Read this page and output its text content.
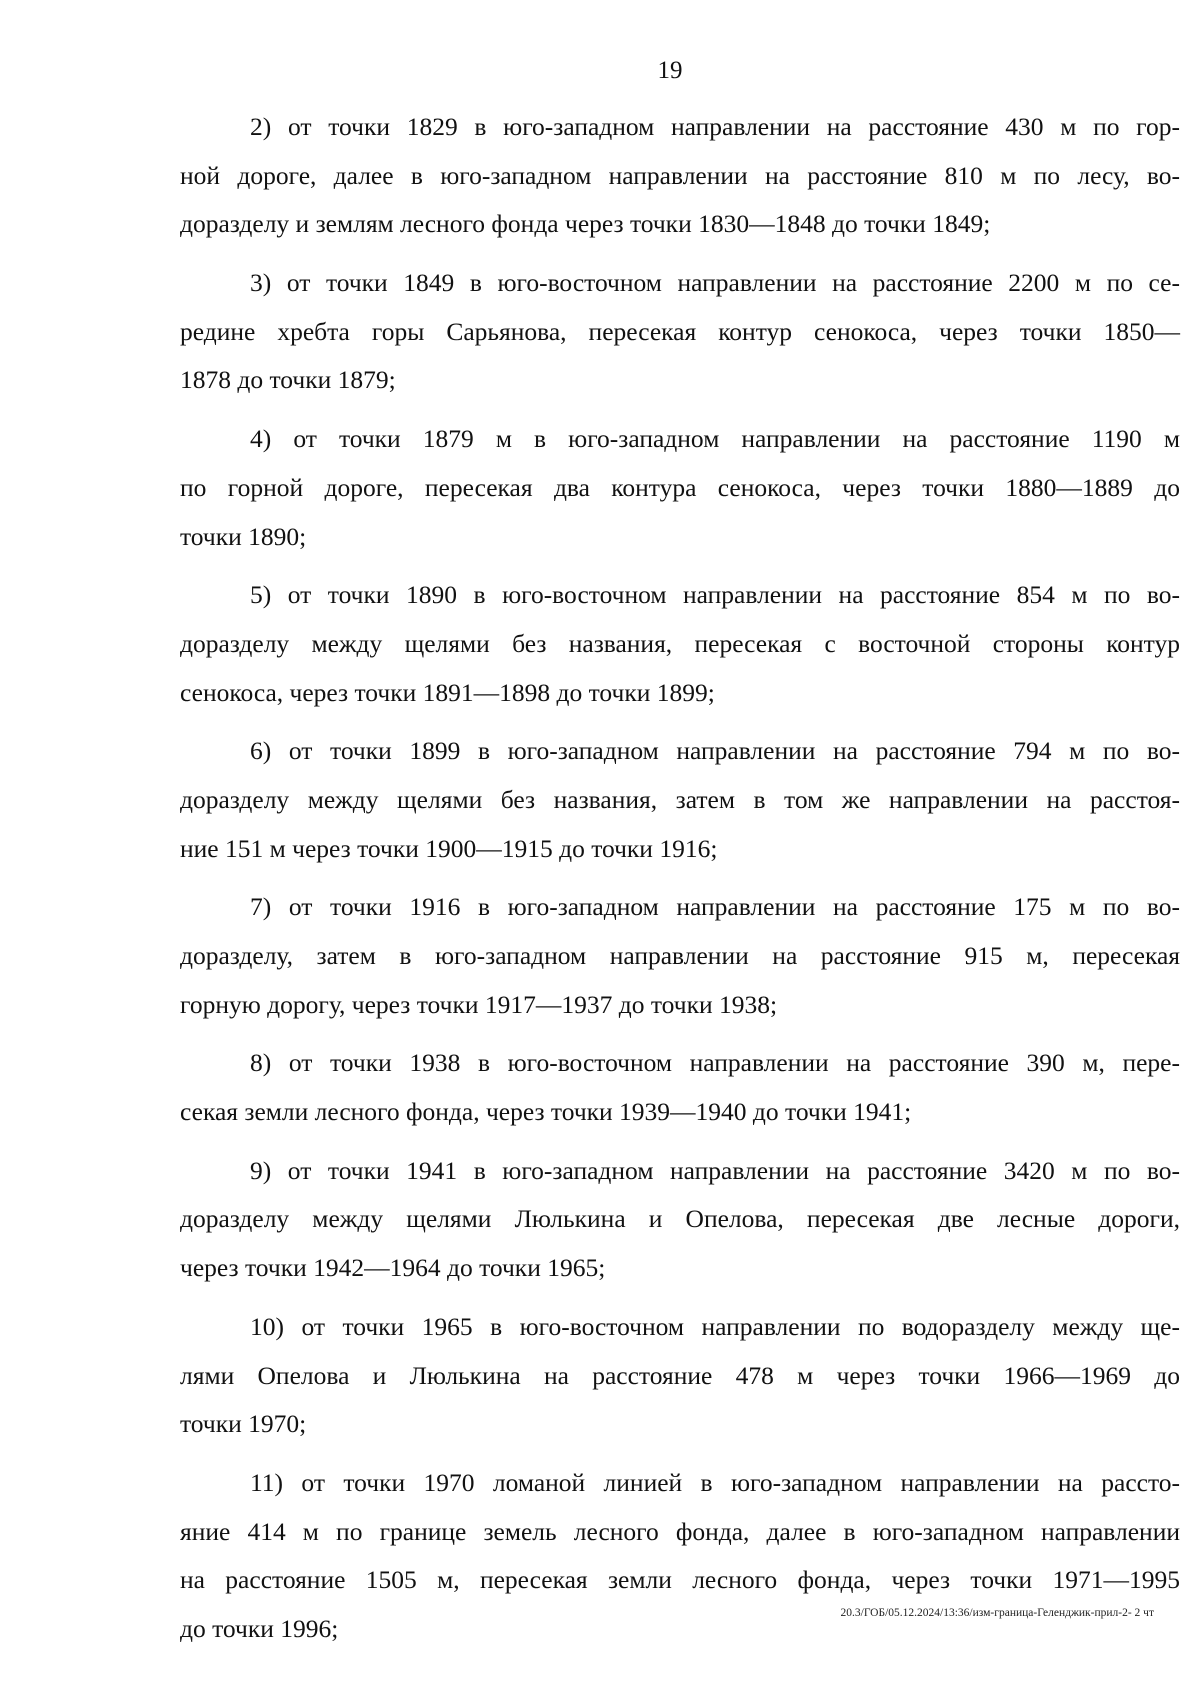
19
2) от точки 1829 в юго-западном направлении на расстояние 430 м по гор-
ной дороге, далее в юго-западном направлении на расстояние 810 м по лесу, во-
доразделу и землям лесного фонда через точки 1830—1848 до точки 1849;
3) от точки 1849 в юго-восточном направлении на расстояние 2200 м по се-
редине хребта горы Сарьянова, пересекая контур сенокоса, через точки 1850—
1878 до точки 1879;
4) от точки 1879 м в юго-западном направлении на расстояние 1190 м
по горной дороге, пересекая два контура сенокоса, через точки 1880—1889 до
точки 1890;
5) от точки 1890 в юго-восточном направлении на расстояние 854 м по во-
доразделу между щелями без названия, пересекая с восточной стороны контур
сенокоса, через точки 1891—1898 до точки 1899;
6) от точки 1899 в юго-западном направлении на расстояние 794 м по во-
доразделу между щелями без названия, затем в том же направлении на расстоя-
ние 151 м через точки 1900—1915 до точки 1916;
7) от точки 1916 в юго-западном направлении на расстояние 175 м по во-
доразделу, затем в юго-западном направлении на расстояние 915 м, пересекая
горную дорогу, через точки 1917—1937 до точки 1938;
8) от точки 1938 в юго-восточном направлении на расстояние 390 м, пере-
секая земли лесного фонда, через точки 1939—1940 до точки 1941;
9) от точки 1941 в юго-западном направлении на расстояние 3420 м по во-
доразделу между щелями Люлькина и Опелова, пересекая две лесные дороги,
через точки 1942—1964 до точки 1965;
10) от точки 1965 в юго-восточном направлении по водоразделу между ще-
лями Опелова и Люлькина на расстояние 478 м через точки 1966—1969 до
точки 1970;
11) от точки 1970 ломаной линией в юго-западном направлении на рассто-
яние 414 м по границе земель лесного фонда, далее в юго-западном направлении
на расстояние 1505 м, пересекая земли лесного фонда, через точки 1971—1995
до точки 1996;
20.3/ГОБ/05.12.2024/13:36/изм-граница-Геленджик-прил-2- 2 чт
